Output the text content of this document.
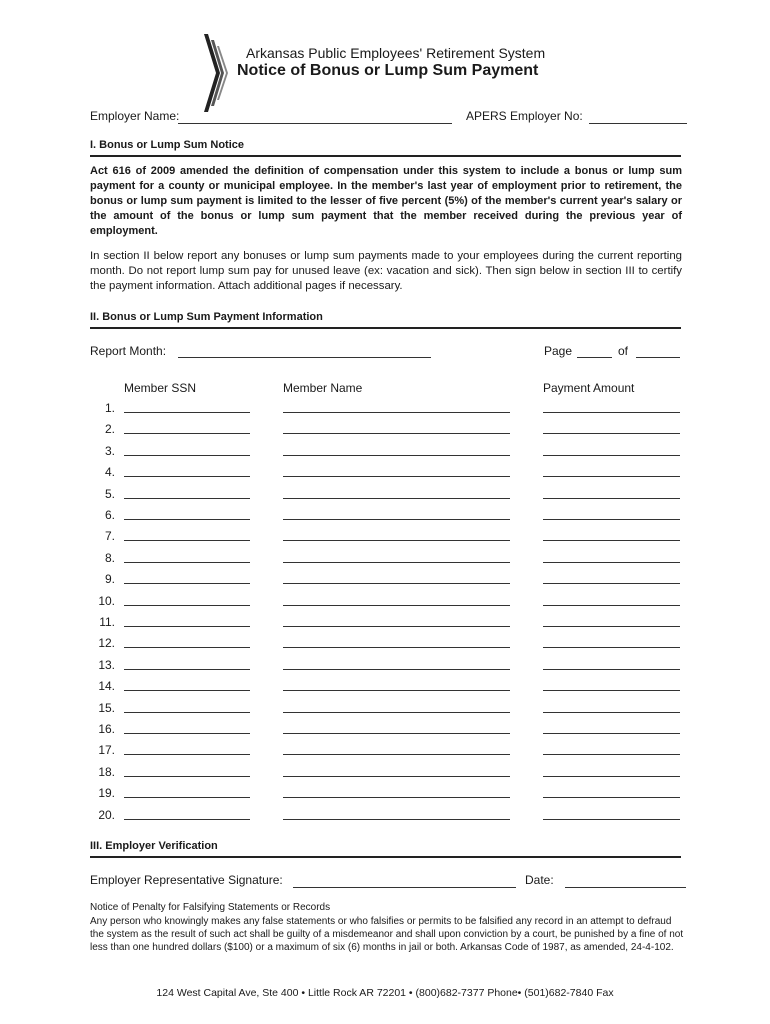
Arkansas Public Employees' Retirement System
Notice of Bonus or Lump Sum Payment
Employer Name:	APERS Employer No:
I. Bonus or Lump Sum Notice
Act 616 of 2009 amended the definition of compensation under this system to include a bonus or lump sum payment for a county or municipal employee. In the member's last year of employment prior to retirement, the bonus or lump sum payment is limited to the lesser of five percent (5%) of the member's current year's salary or the amount of the bonus or lump sum payment that the member received during the previous year of employment.
In section II below report any bonuses or lump sum payments made to your employees during the current reporting month. Do not report lump sum pay for unused leave (ex: vacation and sick). Then sign below in section III to certify the payment information. Attach additional pages if necessary.
II. Bonus or Lump Sum Payment Information
Report Month:	Page	of
Member SSN	Member Name	Payment Amount
1.
2.
3.
4.
5.
6.
7.
8.
9.
10.
11.
12.
13.
14.
15.
16.
17.
18.
19.
20.
III. Employer Verification
Employer Representative Signature:	Date:
Notice of Penalty for Falsifying Statements or Records
Any person who knowingly makes any false statements or who falsifies or permits to be falsified any record in an attempt to defraud the system as the result of such act shall be guilty of a misdemeanor and shall upon conviction by a court, be punished by a fine of not less than one hundred dollars ($100) or a maximum of six (6) months in jail or both. Arkansas Code of 1987, as amended, 24-4-102.
124 West Capital Ave, Ste 400 • Little Rock AR 72201 • (800)682-7377 Phone• (501)682-7840 Fax
